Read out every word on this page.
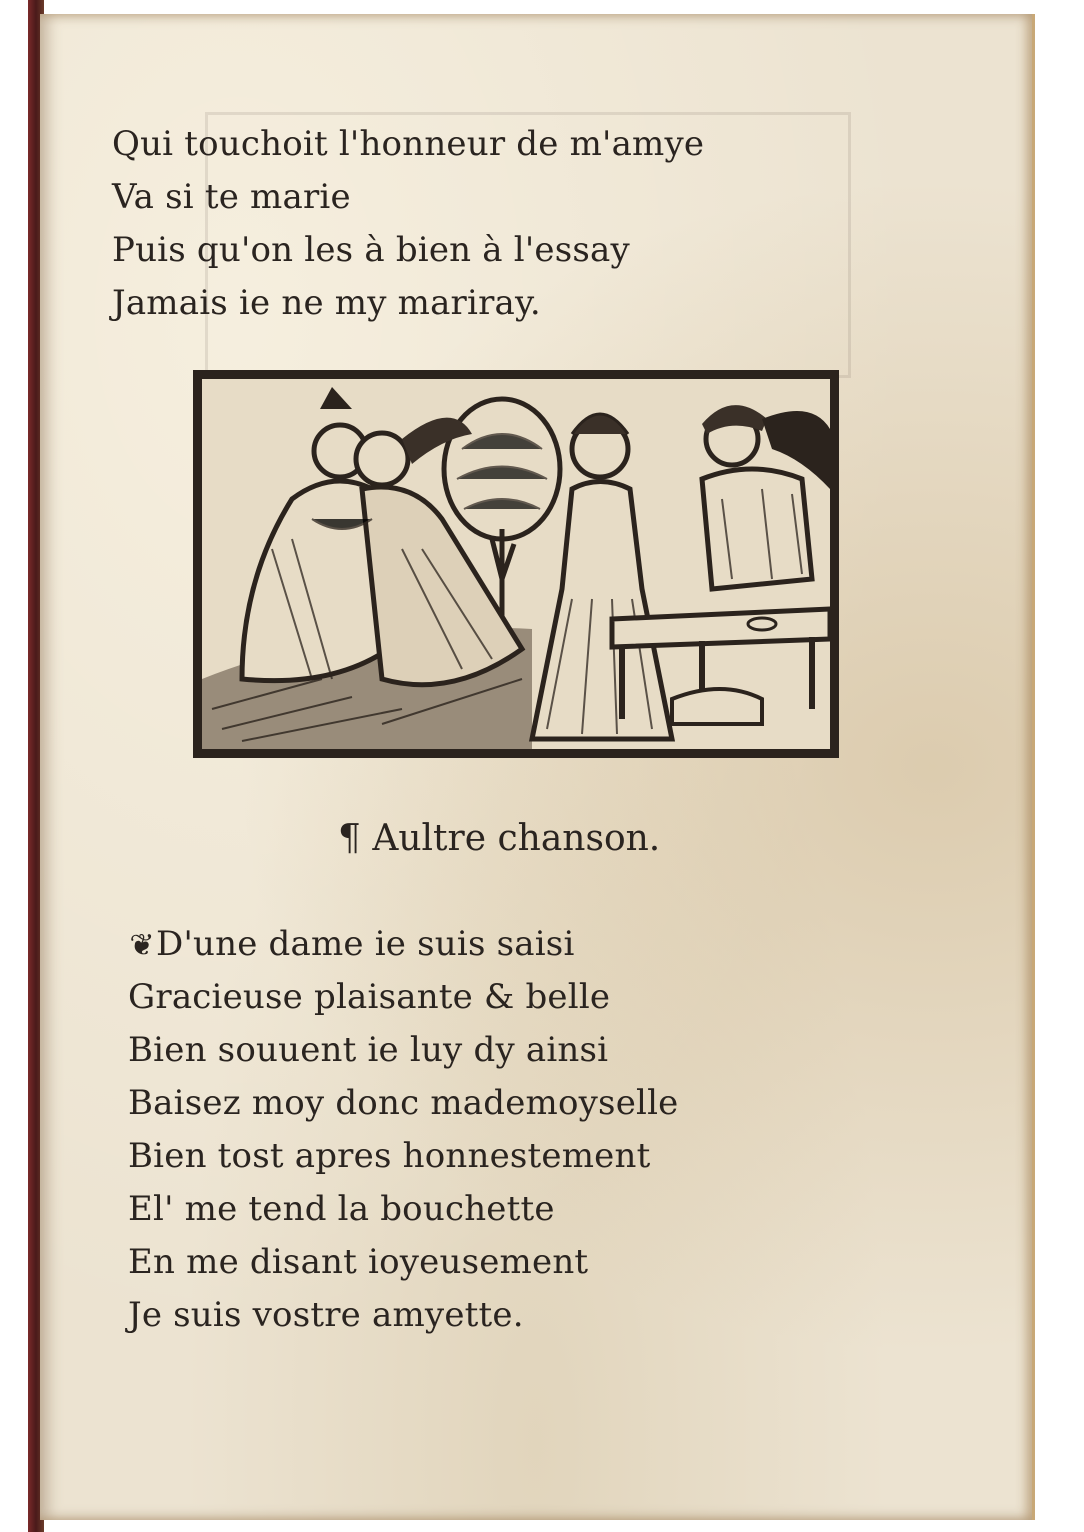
Qui touchoit l'honneur de m'amye
Va si te marie
Puis qu'on les à bien à l'essay
Jamais ie ne my mariray.
¶ Aultre chanson.
❦D'une dame ie suis saisi
Gracieuse plaisante & belle
Bien souuent ie luy dy ainsi
Baisez moy donc mademoyselle
Bien tost apres honnestement
El' me tend la bouchette
En me disant ioyeusement
Je suis vostre amyette.
